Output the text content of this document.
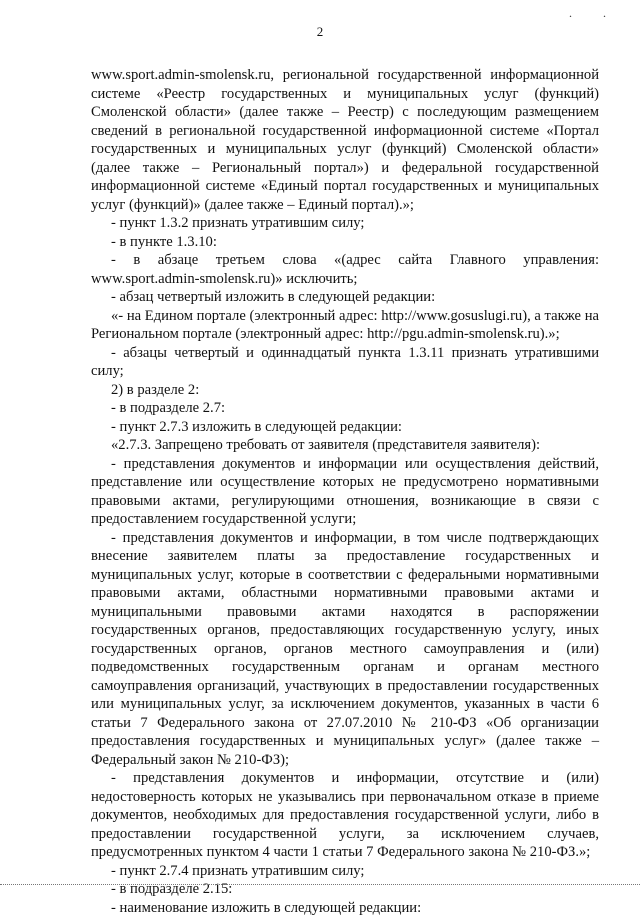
. .
2

www.sport.admin-smolensk.ru, региональной государственной информационной системе «Реестр государственных и муниципальных услуг (функций) Смоленской области» (далее также – Реестр) с последующим размещением сведений в региональной государственной информационной системе «Портал государственных и муниципальных услуг (функций) Смоленской области» (далее также – Региональный портал») и федеральной государственной информационной системе «Единый портал государственных и муниципальных услуг (функций)» (далее также – Единый портал).»;

- пункт 1.3.2 признать утратившим силу;

- в пункте 1.3.10:

- в абзаце третьем слова «(адрес сайта Главного управления: www.sport.admin-smolensk.ru)» исключить;

- абзац четвертый изложить в следующей редакции:

«- на Едином портале (электронный адрес: http://www.gosuslugi.ru), а также на Региональном портале (электронный адрес: http://pgu.admin-smolensk.ru).»;

- абзацы четвертый и одиннадцатый пункта 1.3.11 признать утратившими силу;

2) в разделе 2:

- в подразделе 2.7:

- пункт 2.7.3 изложить в следующей редакции:

«2.7.3. Запрещено требовать от заявителя (представителя заявителя):

- представления документов и информации или осуществления действий, представление или осуществление которых не предусмотрено нормативными правовыми актами, регулирующими отношения, возникающие в связи с предоставлением государственной услуги;

- представления документов и информации, в том числе подтверждающих внесение заявителем платы за предоставление государственных и муниципальных услуг, которые в соответствии с федеральными нормативными правовыми актами, областными нормативными правовыми актами и муниципальными правовыми актами находятся в распоряжении государственных органов, предоставляющих государственную услугу, иных государственных органов, органов местного самоуправления и (или) подведомственных государственным органам и органам местного самоуправления организаций, участвующих в предоставлении государственных или муниципальных услуг, за исключением документов, указанных в части 6 статьи 7 Федерального закона от 27.07.2010 № 210-ФЗ «Об организации предоставления государственных и муниципальных услуг» (далее также – Федеральный закон № 210-ФЗ);

- представления документов и информации, отсутствие и (или) недостоверность которых не указывались при первоначальном отказе в приеме документов, необходимых для предоставления государственной услуги, либо в предоставлении государственной услуги, за исключением случаев, предусмотренных пунктом 4 части 1 статьи 7 Федерального закона № 210-ФЗ.»;

- пункт 2.7.4 признать утратившим силу;

- в подразделе 2.15:

- наименование изложить в следующей редакции:
